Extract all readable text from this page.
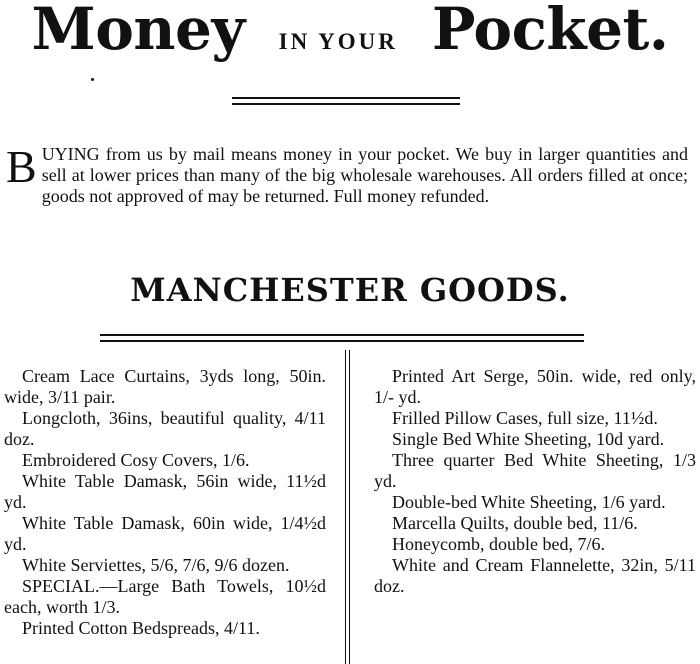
Money IN YOUR Pocket.

BUYING from us by mail means money in your pocket. We buy in larger quantities and sell at lower prices than many of the big wholesale warehouses. All orders filled at once; goods not approved of may be returned. Full money refunded.

MANCHESTER GOODS.
Cream Lace Curtains, 3yds long, 50in. wide, 3/11 pair.
Longcloth, 36ins, beautiful quality, 4/11 doz.
Embroidered Cosy Covers, 1/6.
White Table Damask, 56in wide, 11½d yd.
White Table Damask, 60in wide, 1/4½d yd.
White Serviettes, 5/6, 7/6, 9/6 dozen.
SPECIAL.—Large Bath Towels, 10½d each, worth 1/3.
Printed Cotton Bedspreads, 4/11.
Printed Art Serge, 50in. wide, red only, 1/- yd.
Frilled Pillow Cases, full size, 11½d.
Single Bed White Sheeting, 10d yard.
Three quarter Bed White Sheeting, 1/3 yd.
Double-bed White Sheeting, 1/6 yard.
Marcella Quilts, double bed, 11/6.
Honeycomb, double bed, 7/6.
White and Cream Flannelette, 32in, 5/11 doz.
